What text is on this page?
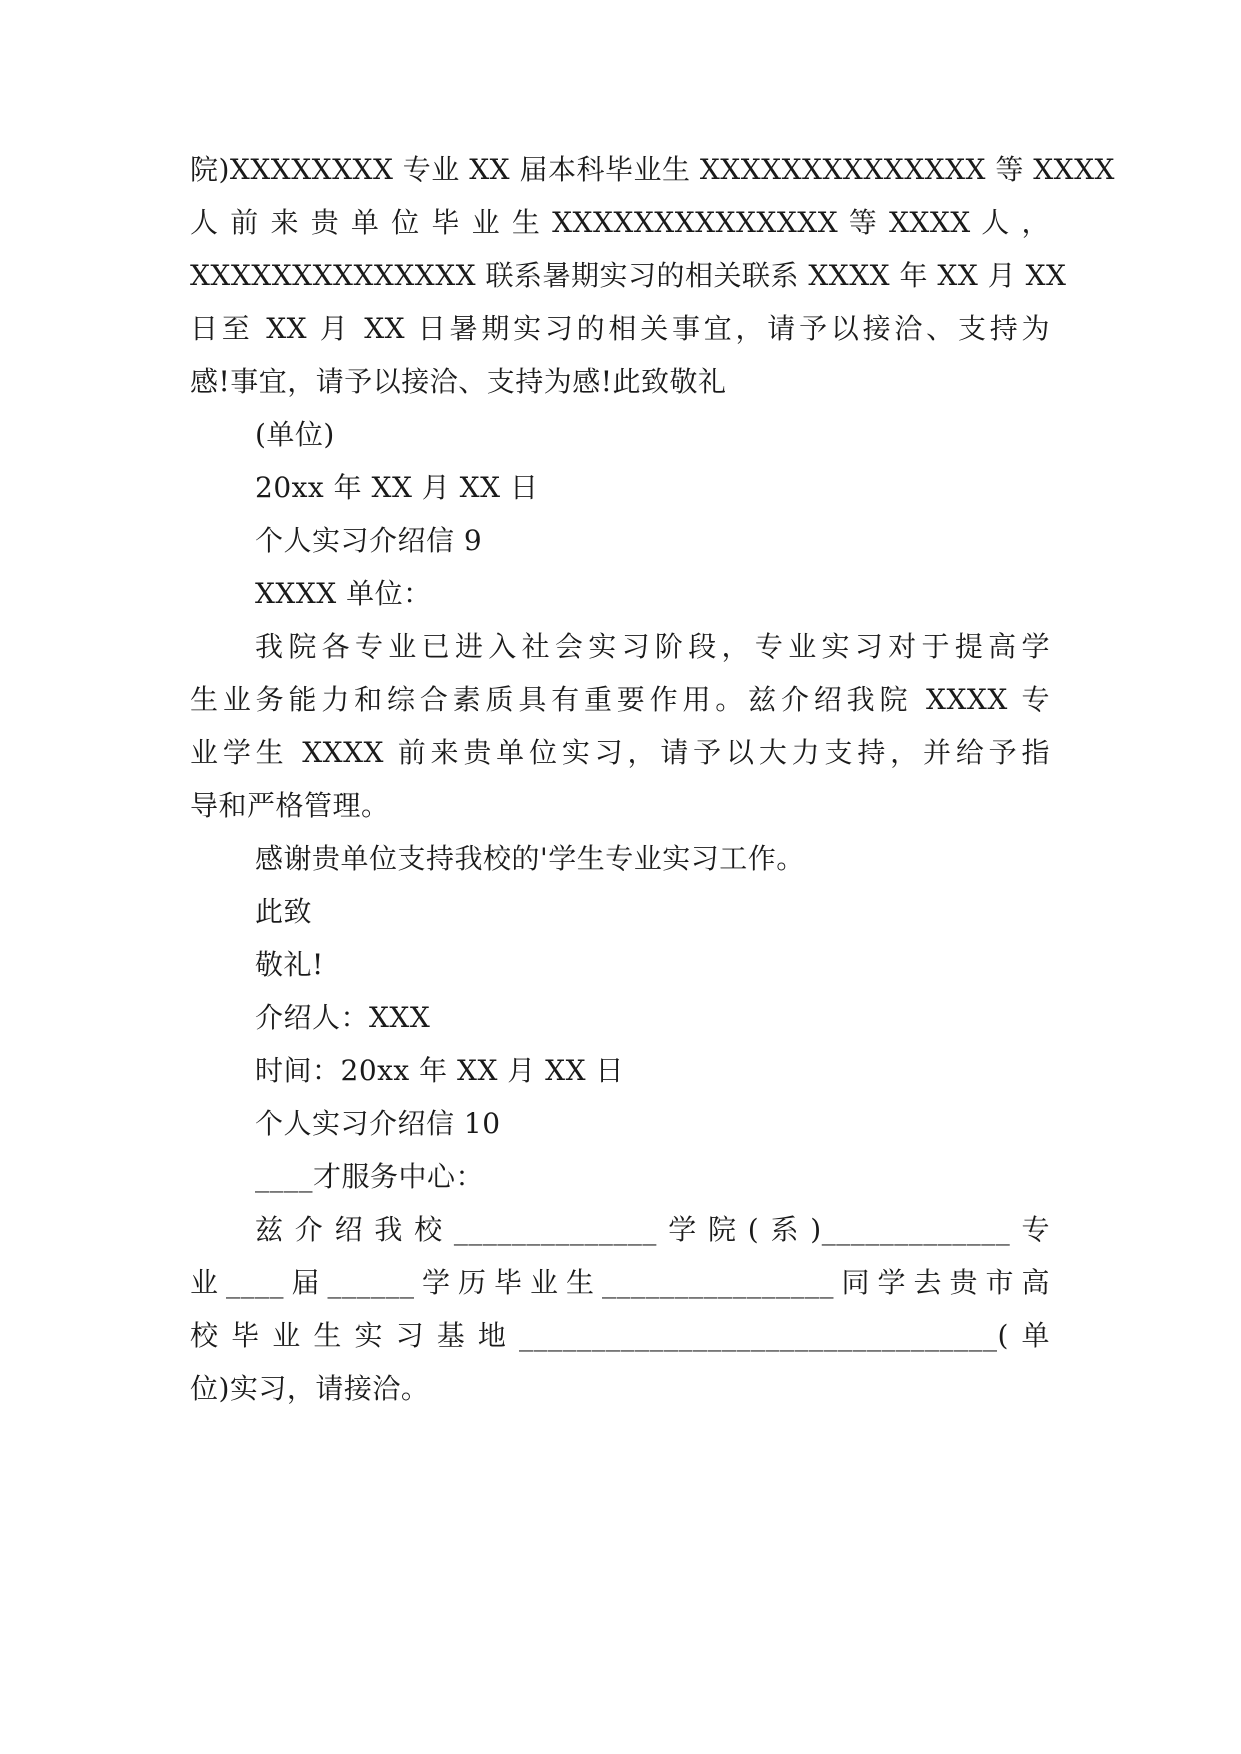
院)XXXXXXXX 专业 XX 届本科毕业生 XXXXXXXXXXXXXX 等 XXXX
人 前 来 贵 单 位 毕 业 生 XXXXXXXXXXXXXX 等 XXXX 人 ，
XXXXXXXXXXXXXX 联系暑期实习的相关联系 XXXX 年 XX 月 XX
日至 XX 月 XX 日暑期实习的相关事宜，请予以接洽、支持为
感!事宜，请予以接洽、支持为感!此致敬礼
(单位)
20xx 年 XX 月 XX 日
个人实习介绍信 9
XXXX 单位：
我院各专业已进入社会实习阶段，专业实习对于提高学
生业务能力和综合素质具有重要作用。兹介绍我院 XXXX 专
业学生 XXXX 前来贵单位实习，请予以大力支持，并给予指
导和严格管理。
感谢贵单位支持我校的'学生专业实习工作。
此致
敬礼!
介绍人：XXX
时间：20xx 年 XX 月 XX 日
个人实习介绍信 10
____才服务中心：
兹介绍我校______________学院(系)_____________专
业____届______学历毕业生________________同学去贵市高
校毕业生实习基地_________________________________(单
位)实习，请接洽。
